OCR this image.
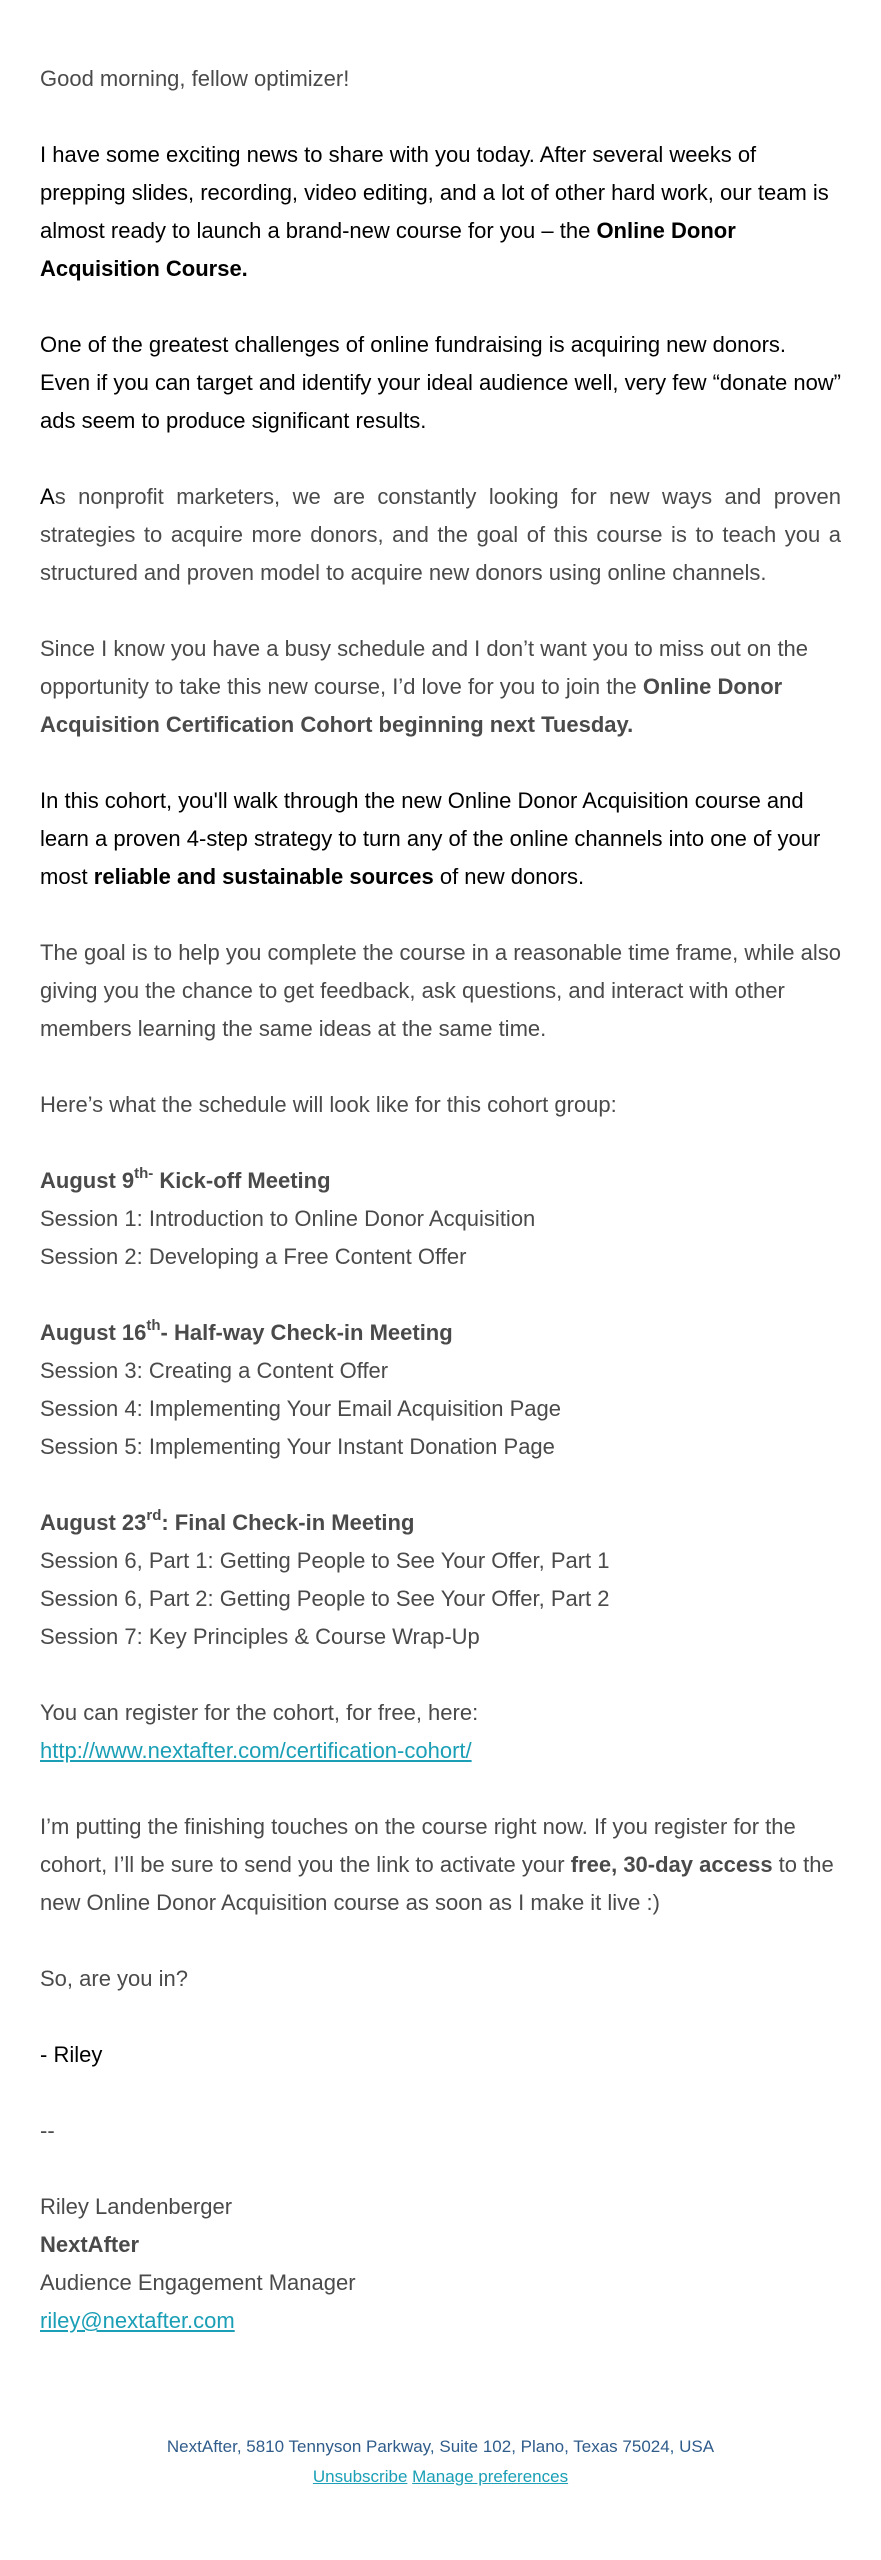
Good morning, fellow optimizer!
I have some exciting news to share with you today. After several weeks of prepping slides, recording, video editing, and a lot of other hard work, our team is almost ready to launch a brand-new course for you – the Online Donor Acquisition Course.
One of the greatest challenges of online fundraising is acquiring new donors. Even if you can target and identify your ideal audience well, very few “donate now” ads seem to produce significant results.
As nonprofit marketers, we are constantly looking for new ways and proven strategies to acquire more donors, and the goal of this course is to teach you a structured and proven model to acquire new donors using online channels.
Since I know you have a busy schedule and I don’t want you to miss out on the opportunity to take this new course, I’d love for you to join the Online Donor Acquisition Certification Cohort beginning next Tuesday.
In this cohort, you'll walk through the new Online Donor Acquisition course and learn a proven 4-step strategy to turn any of the online channels into one of your most reliable and sustainable sources of new donors.
The goal is to help you complete the course in a reasonable time frame, while also giving you the chance to get feedback, ask questions, and interact with other members learning the same ideas at the same time.
Here’s what the schedule will look like for this cohort group:
August $9^{th-}$ Kick-off Meeting
Session 1: Introduction to Online Donor Acquisition
Session 2: Developing a Free Content Offer
August 16th- Half-way Check-in Meeting
Session 3: Creating a Content Offer
Session 4: Implementing Your Email Acquisition Page
Session 5: Implementing Your Instant Donation Page
August 23rd: Final Check-in Meeting
Session 6, Part 1: Getting People to See Your Offer, Part 1
Session 6, Part 2: Getting People to See Your Offer, Part 2
Session 7: Key Principles & Course Wrap-Up
You can register for the cohort, for free, here: http://www.nextafter.com/certification-cohort/
I’m putting the finishing touches on the course right now. If you register for the cohort, I’ll be sure to send you the link to activate your free, 30-day access to the new Online Donor Acquisition course as soon as I make it live :)
So, are you in?
- Riley
--
Riley Landenberger
NextAfter
Audience Engagement Manager
riley@nextafter.com
NextAfter, 5810 Tennyson Parkway, Suite 102, Plano, Texas 75024, USA
Unsubscribe Manage preferences
